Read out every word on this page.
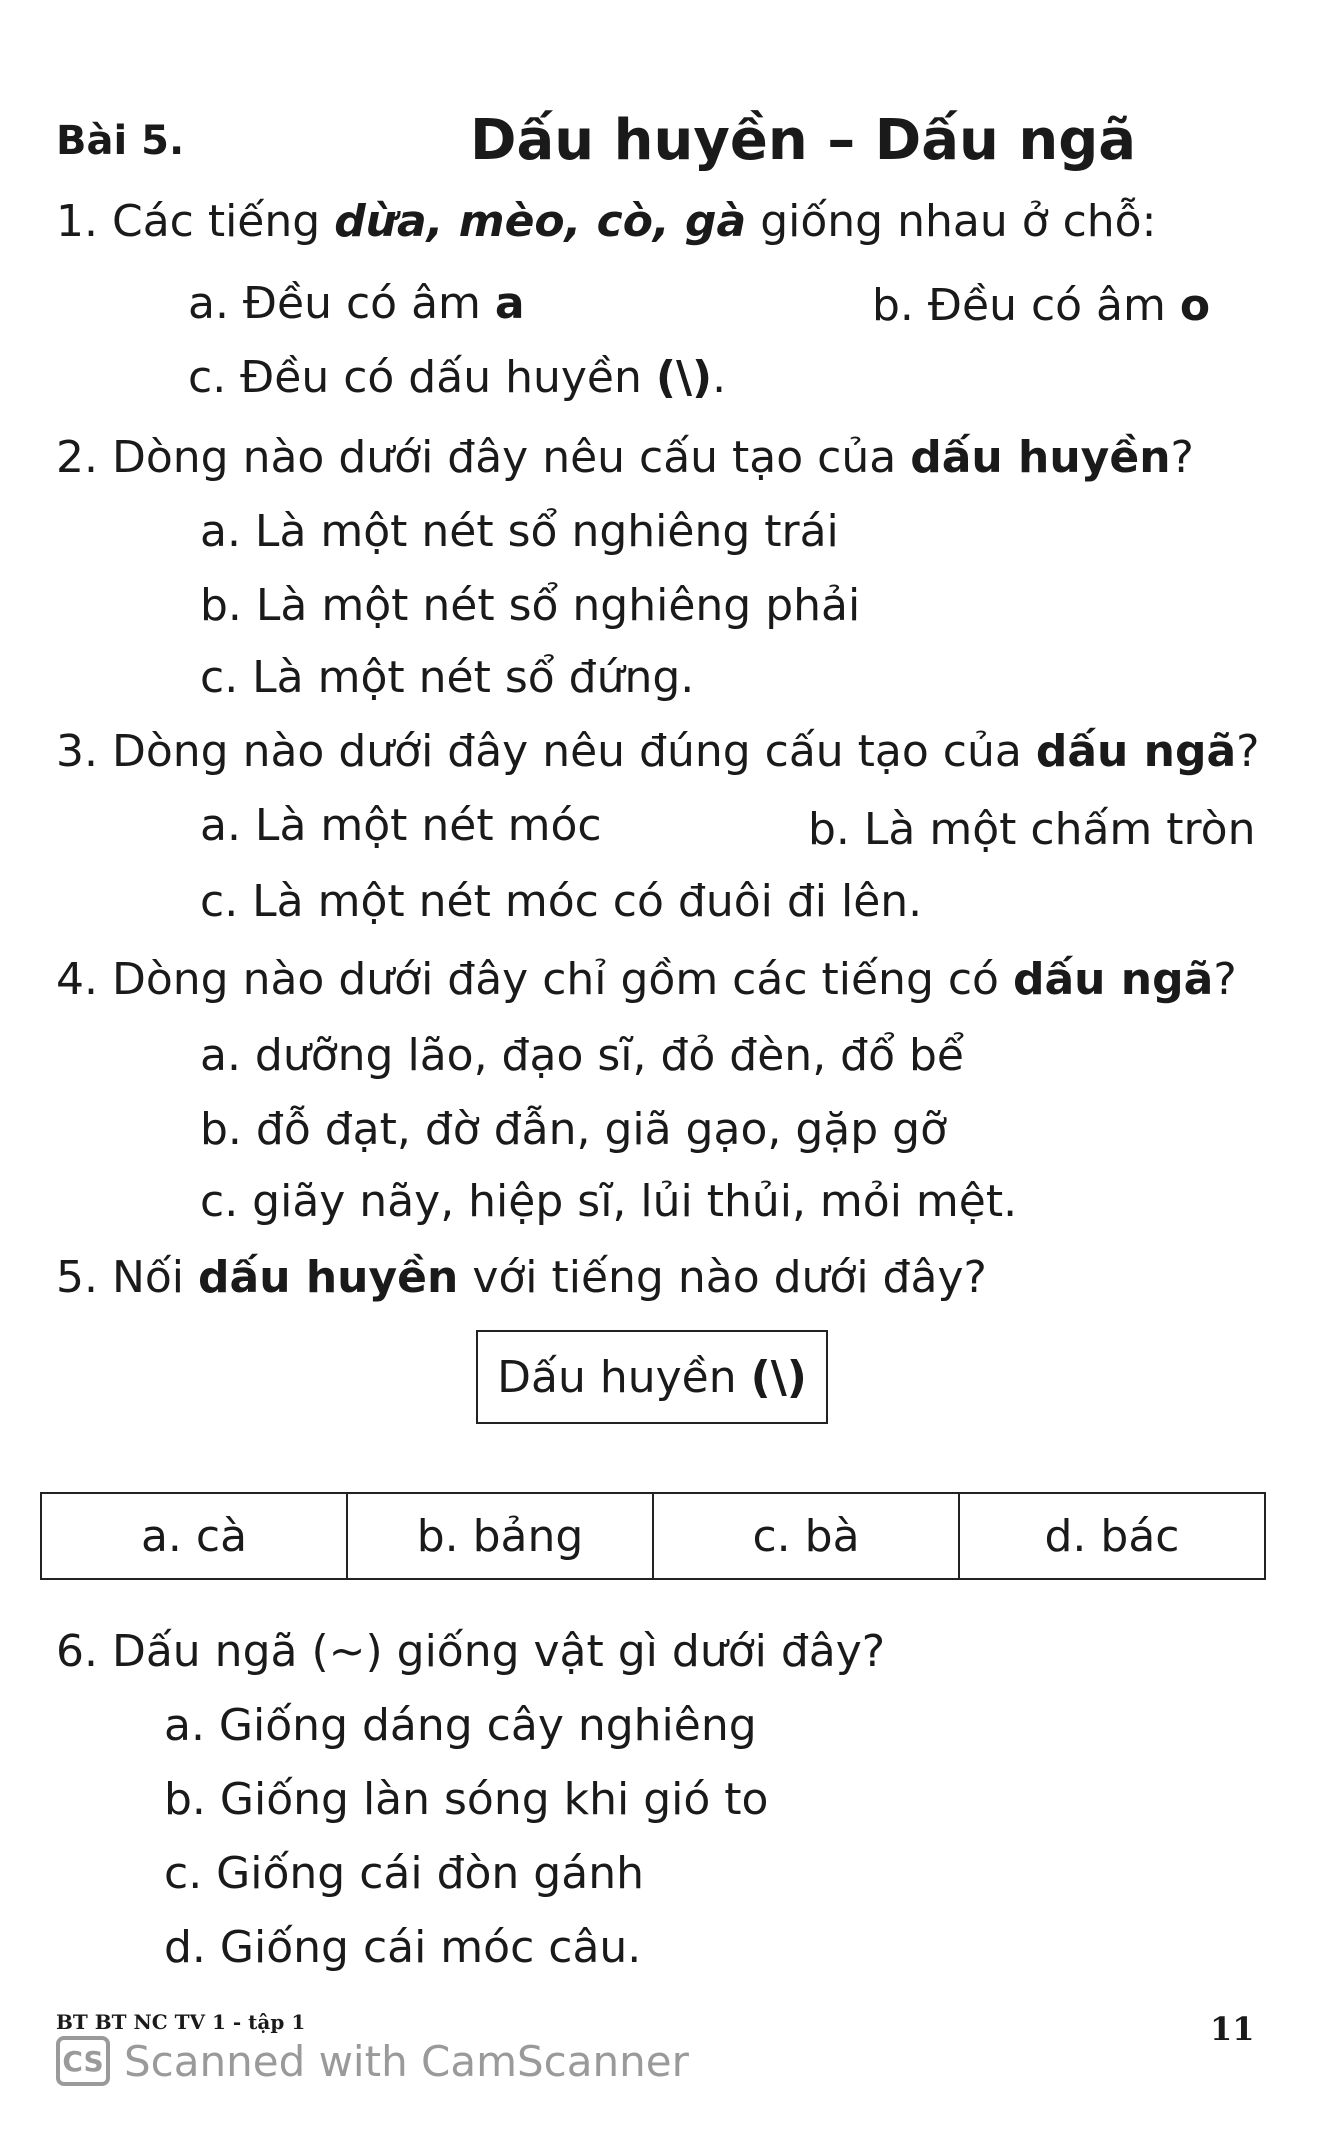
Bài 5.	Dấu huyền – Dấu ngã
1. Các tiếng dừa, mèo, cò, gà giống nhau ở chỗ:
a. Đều có âm a	b. Đều có âm o
c. Đều có dấu huyền (\).
2. Dòng nào dưới đây nêu cấu tạo của dấu huyền?
a. Là một nét sổ nghiêng trái
b. Là một nét sổ nghiêng phải
c. Là một nét sổ đứng.
3. Dòng nào dưới đây nêu đúng cấu tạo của dấu ngã?
a. Là một nét móc	b. Là một chấm tròn
c. Là một nét móc có đuôi đi lên.
4. Dòng nào dưới đây chỉ gồm các tiếng có dấu ngã?
a. dưỡng lão, đạo sĩ, đỏ đèn, đổ bể
b. đỗ đạt, đờ đẫn, giã gạo, gặp gỡ
c. giãy nãy, hiệp sĩ, lủi thủi, mỏi mệt.
5. Nối dấu huyền với tiếng nào dưới đây?
Dấu huyền (\)
a. cà	b. bảng	c. bà	d. bác
6. Dấu ngã (~) giống vật gì dưới đây?
a. Giống dáng cây nghiêng
b. Giống làn sóng khi gió to
c. Giống cái đòn gánh
d. Giống cái móc câu.
BT BT NC TV 1 - tập 1	11
CS Scanned with CamScanner
